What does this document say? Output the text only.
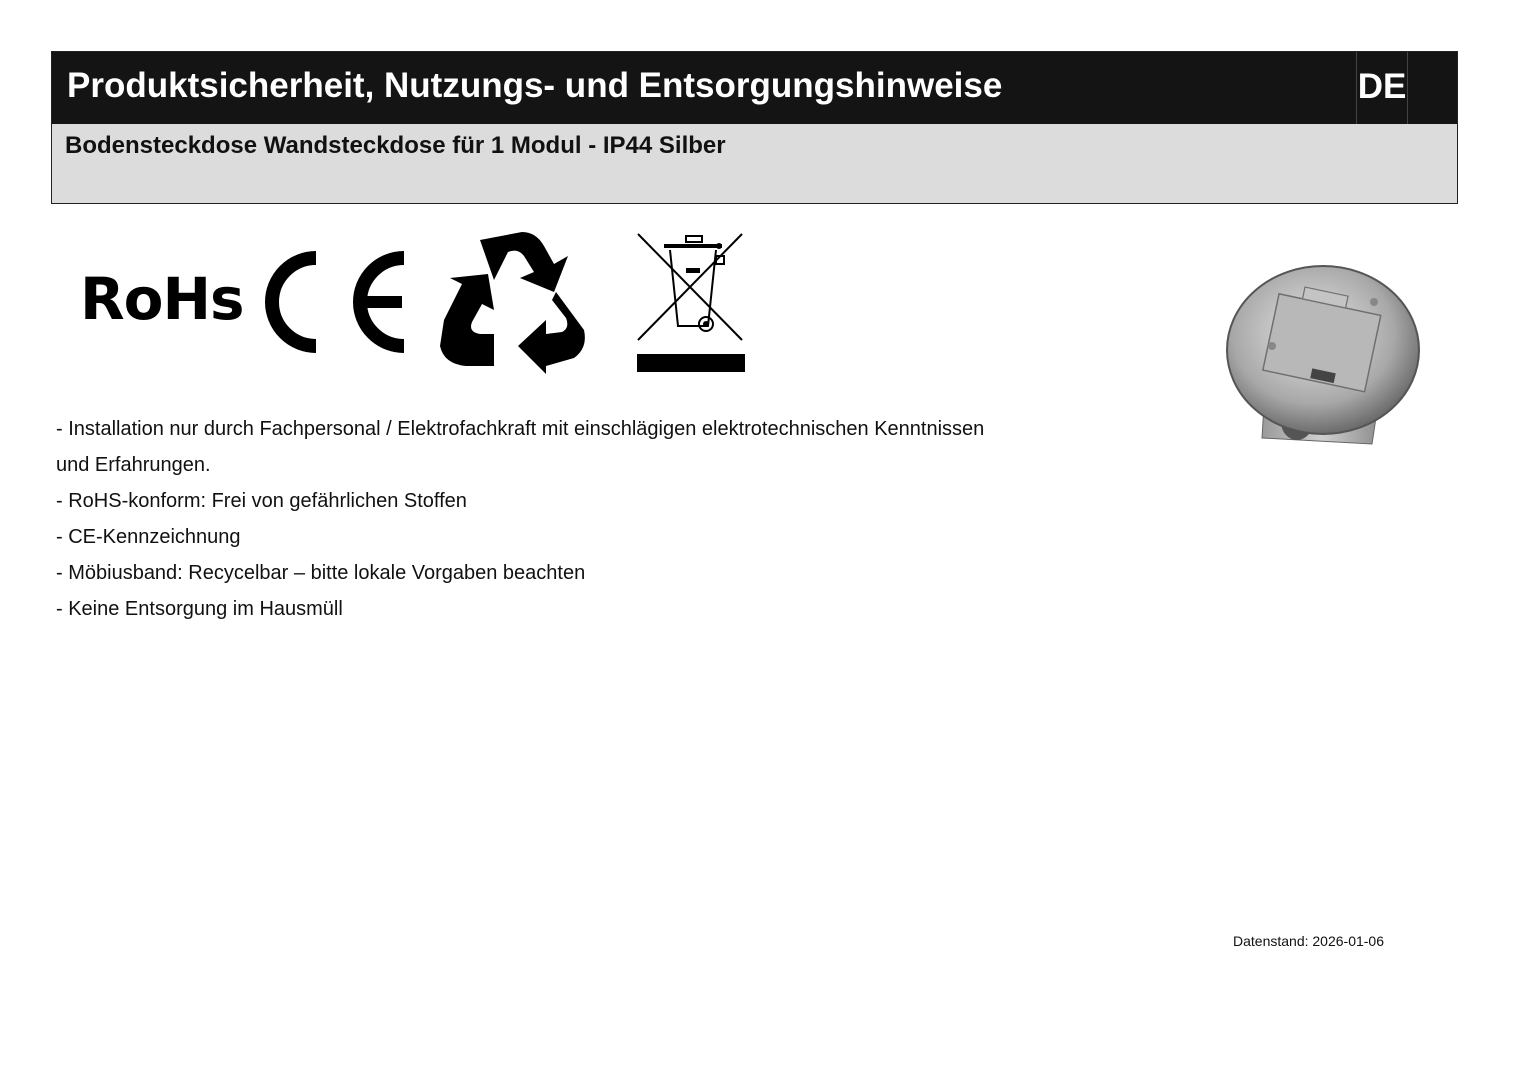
Produktsicherheit, Nutzungs- und Entsorgungshinweise	DE
Bodensteckdose Wandsteckdose für 1 Modul - IP44 Silber
RoHs
- Installation nur durch Fachpersonal / Elektrofachkraft mit einschlägigen elektrotechnischen Kenntnissen
und Erfahrungen.
- RoHS-konform: Frei von gefährlichen Stoffen
- CE-Kennzeichnung
- Möbiusband: Recycelbar – bitte lokale Vorgaben beachten
- Keine Entsorgung im Hausmüll
Datenstand: 2026-01-06
